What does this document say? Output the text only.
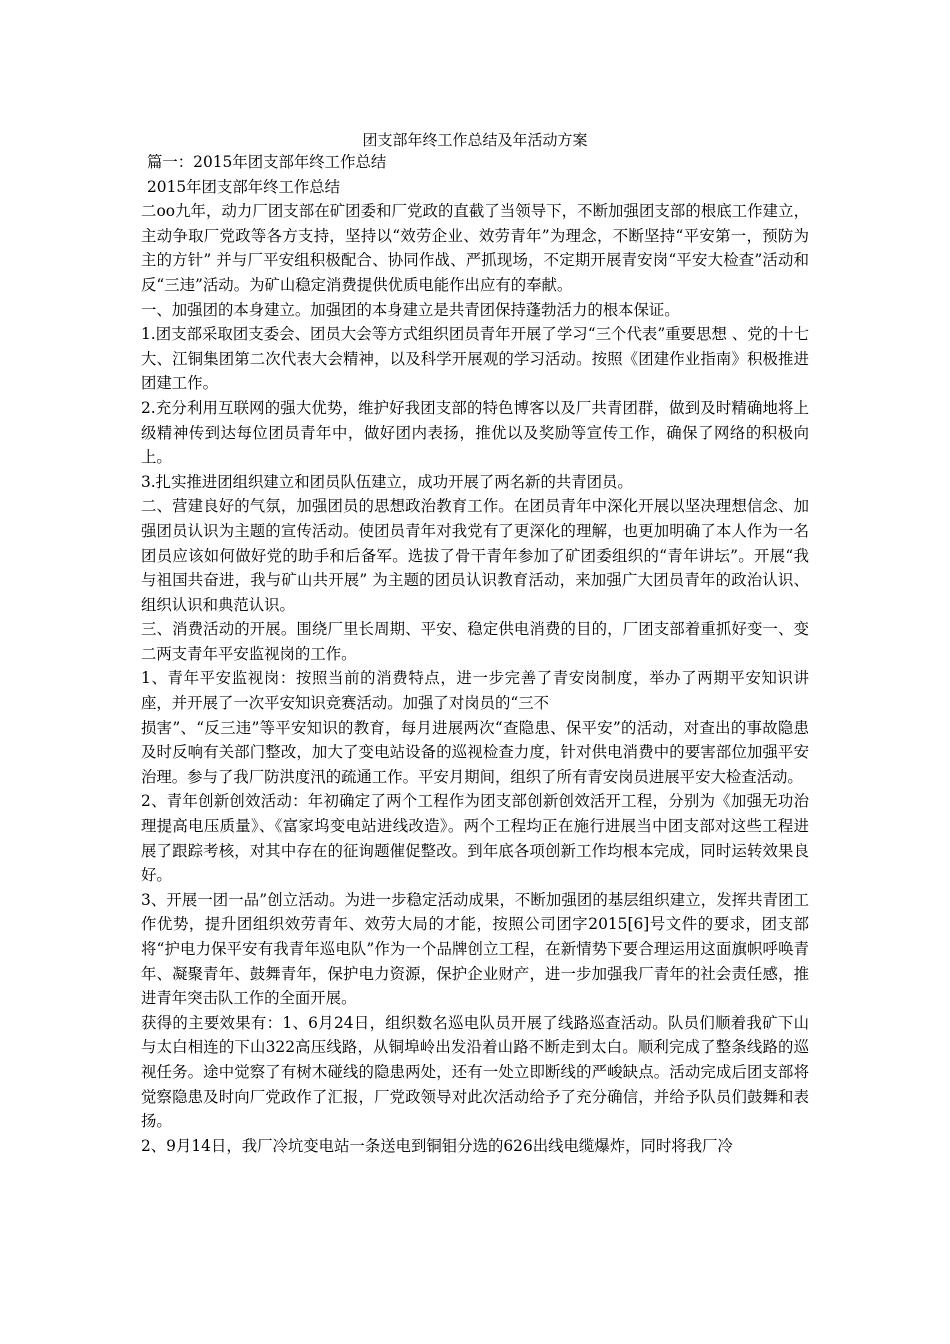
团支部年终工作总结及年活动方案

篇一：2015年团支部年终工作总结

2015年团支部年终工作总结

二oo九年，动力厂团支部在矿团委和厂党政的直截了当领导下，不断加强团支部的根底工作建立，主动争取厂党政等各方支持，坚持以“效劳企业、效劳青年”为理念，不断坚持“平安第一，预防为主的方针” 并与厂平安组积极配合、协同作战、严抓现场，不定期开展青安岗“平安大检查”活动和反“三违”活动。为矿山稳定消费提供优质电能作出应有的奉献。

一、加强团的本身建立。加强团的本身建立是共青团保持蓬勃活力的根本保证。

1.团支部采取团支委会、团员大会等方式组织团员青年开展了学习“三个代表”重要思想 、党的十七大、江铜集团第二次代表大会精神，以及科学开展观的学习活动。按照《团建作业指南》积极推进团建工作。

2.充分利用互联网的强大优势，维护好我团支部的特色博客以及厂共青团群，做到及时精确地将上级精神传到达每位团员青年中，做好团内表扬，推优以及奖励等宣传工作，确保了网络的积极向上。

3.扎实推进团组织建立和团员队伍建立，成功开展了两名新的共青团员。

二、营建良好的气氛，加强团员的思想政治教育工作。在团员青年中深化开展以坚决理想信念、加强团员认识为主题的宣传活动。使团员青年对我党有了更深化的理解，也更加明确了本人作为一名团员应该如何做好党的助手和后备军。选拔了骨干青年参加了矿团委组织的“青年讲坛”。开展“我与祖国共奋进，我与矿山共开展” 为主题的团员认识教育活动，来加强广大团员青年的政治认识、组织认识和典范认识。

三、消费活动的开展。围绕厂里长周期、平安、稳定供电消费的目的，厂团支部着重抓好变一、变二两支青年平安监视岗的工作。

1、青年平安监视岗：按照当前的消费特点，进一步完善了青安岗制度，举办了两期平安知识讲座，并开展了一次平安知识竞赛活动。加强了对岗员的“三不

损害”、“反三违”等平安知识的教育，每月进展两次“查隐患、保平安”的活动，对查出的事故隐患及时反响有关部门整改，加大了变电站设备的巡视检查力度，针对供电消费中的要害部位加强平安治理。参与了我厂防洪度汛的疏通工作。平安月期间，组织了所有青安岗员进展平安大检查活动。

2、青年创新创效活动：年初确定了两个工程作为团支部创新创效活开工程，分别为《加强无功治理提高电压质量》、《富家坞变电站进线改造》。两个工程均正在施行进展当中团支部对这些工程进展了跟踪考核，对其中存在的征询题催促整改。到年底各项创新工作均根本完成，同时运转效果良好。

3、开展一团一品”创立活动。为进一步稳定活动成果，不断加强团的基层组织建立，发挥共青团工作优势，提升团组织效劳青年、效劳大局的才能，按照公司团字2015[6]号文件的要求，团支部将“护电力保平安有我青年巡电队”作为一个品牌创立工程，在新情势下要合理运用这面旗帜呼唤青年、凝聚青年、鼓舞青年，保护电力资源，保护企业财产，进一步加强我厂青年的社会责任感，推进青年突击队工作的全面开展。

获得的主要效果有：1、6月24日，组织数名巡电队员开展了线路巡查活动。队员们顺着我矿下山与太白相连的下山322高压线路，从铜埠岭出发沿着山路不断走到太白。顺利完成了整条线路的巡视任务。途中觉察了有树木碰线的隐患两处，还有一处立即断线的严峻缺点。活动完成后团支部将觉察隐患及时向厂党政作了汇报，厂党政领导对此次活动给予了充分确信，并给予队员们鼓舞和表扬。

2、9月14日，我厂冷坑变电站一条送电到铜钼分选的626出线电缆爆炸，同时将我厂冷
